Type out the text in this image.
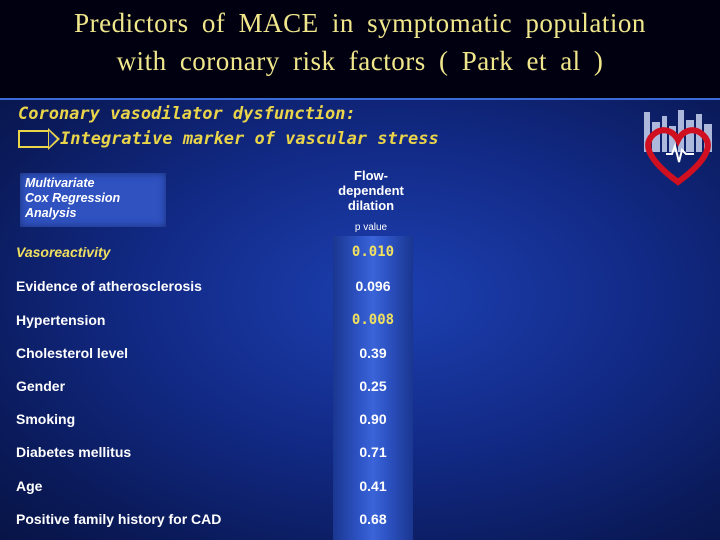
Predictors of MACE in symptomatic population
with coronary risk factors ( Park et al )
Coronary vasodilator dysfunction:
Integrative marker of vascular stress
Multivariate
Cox Regression
Analysis
Flow-
dependent
dilation
p value
Vasoreactivity	0.010
Evidence of atherosclerosis	0.096
Hypertension	0.008
Cholesterol level	0.39
Gender	0.25
Smoking	0.90
Diabetes mellitus	0.71
Age	0.41
Positive family history for CAD	0.68
